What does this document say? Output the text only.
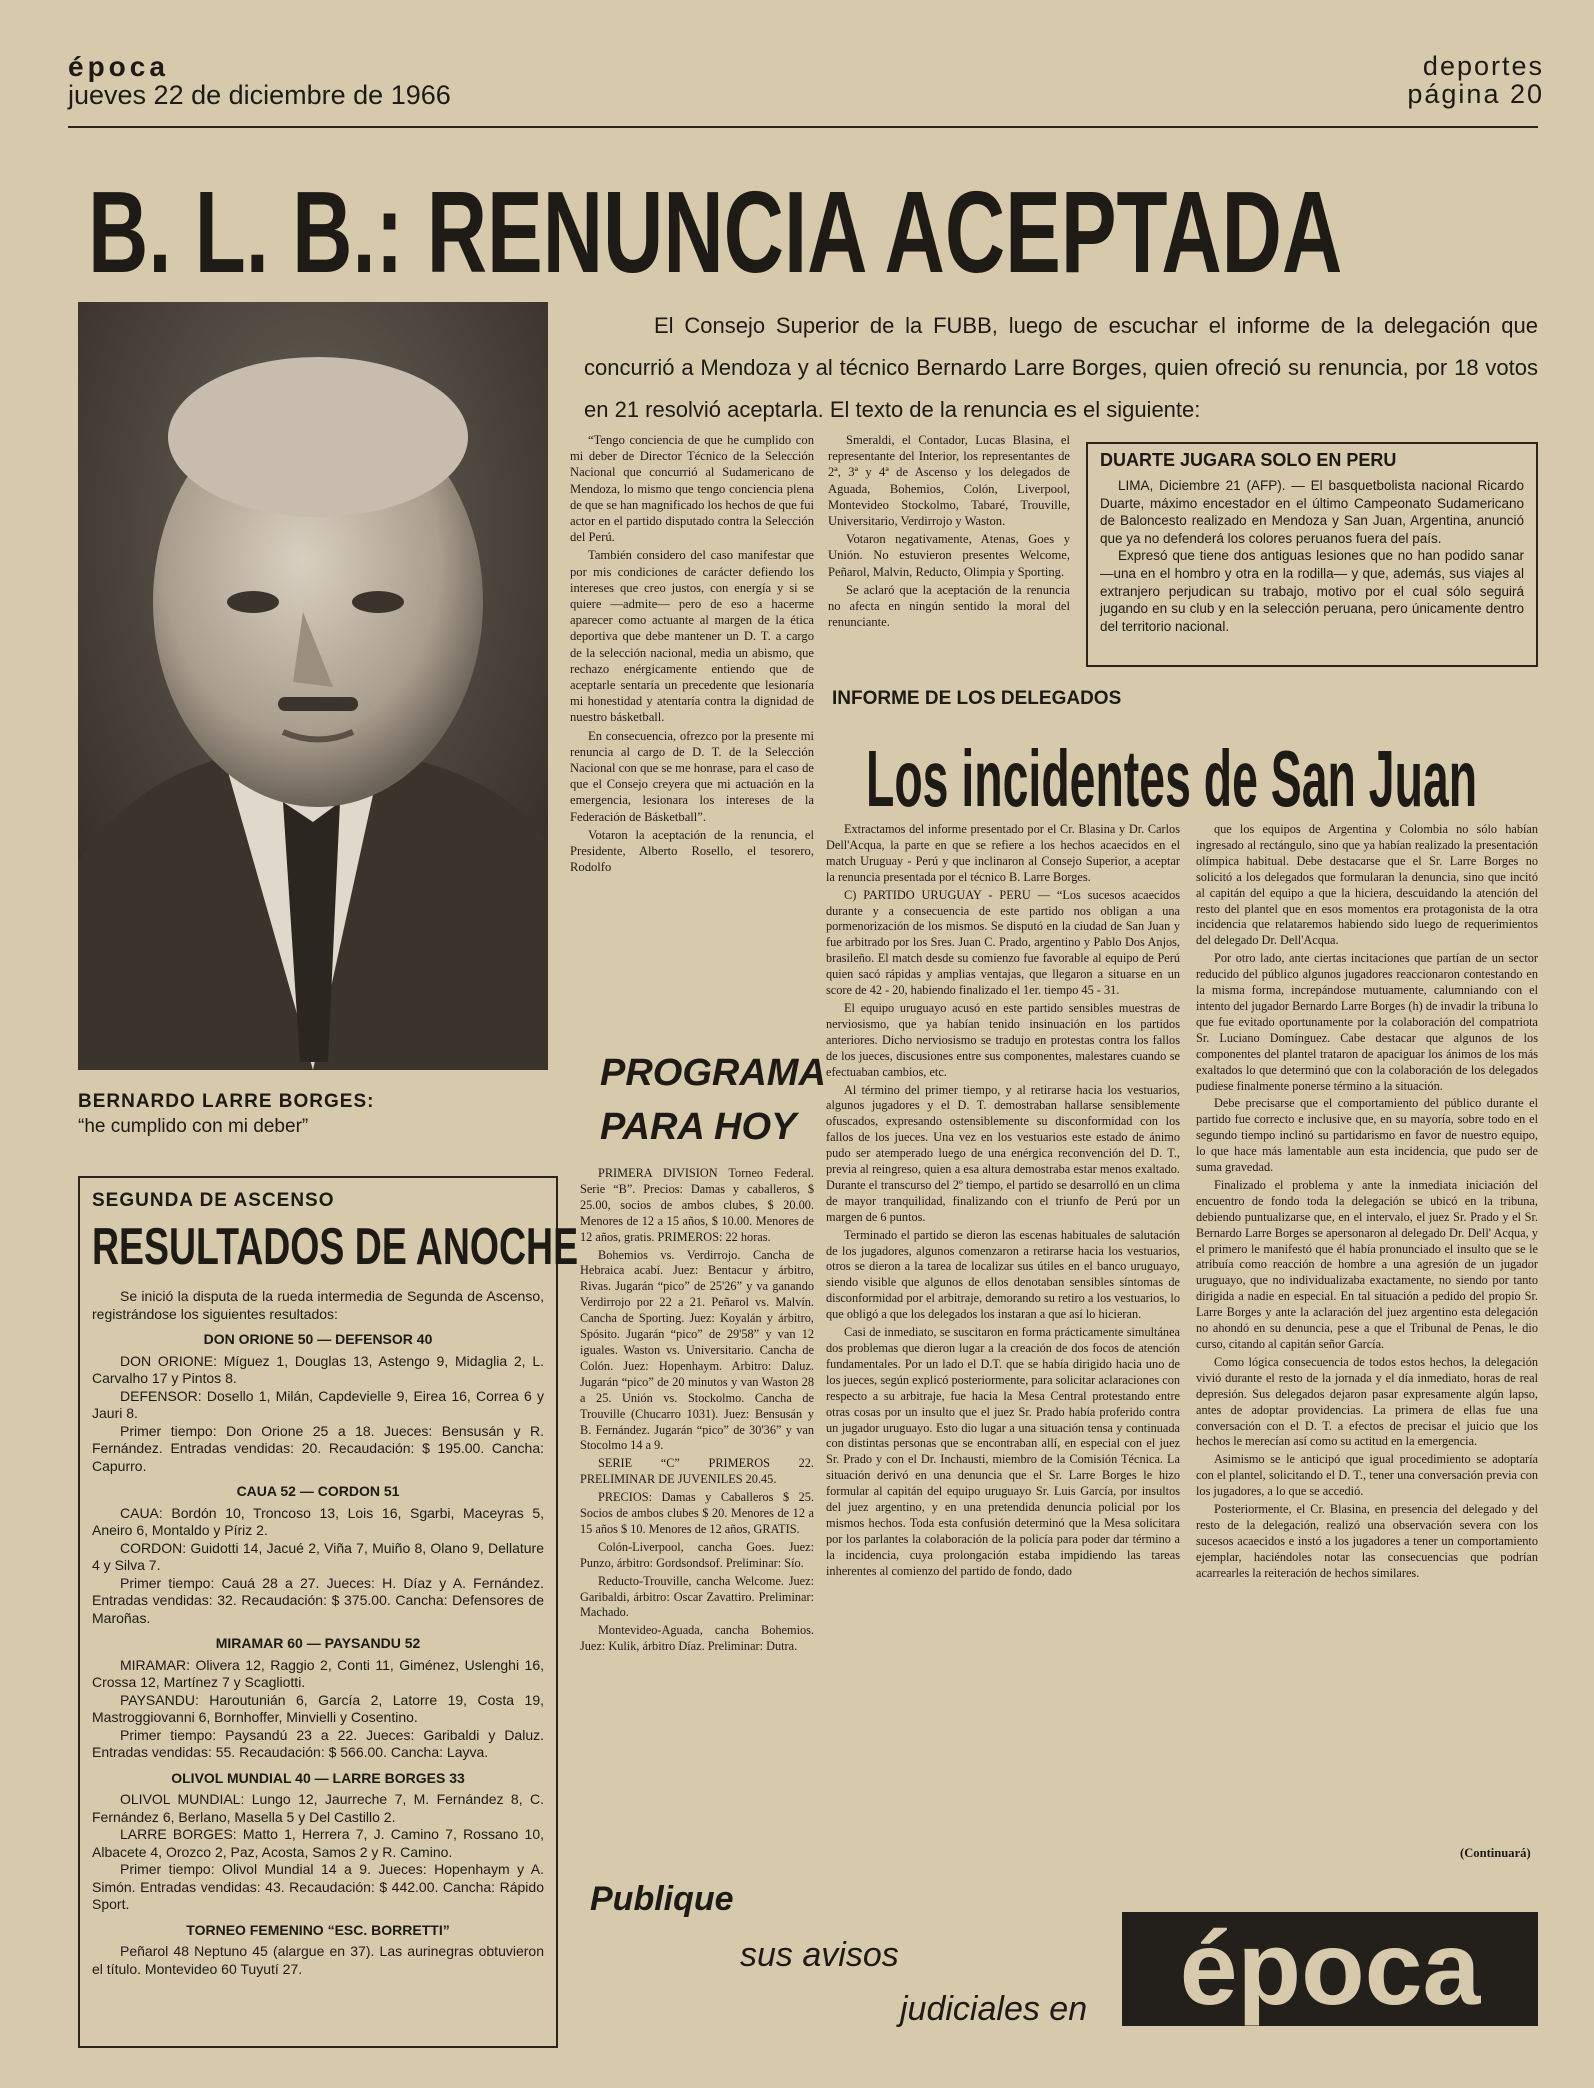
época
jueves 22 de diciembre de 1966
deportes
página 20
B. L. B.: RENUNCIA ACEPTADA
BERNARDO LARRE BORGES:
“he cumplido con mi deber”
El Consejo Superior de la FUBB, luego de escuchar el informe de la delegación que concurrió a Mendoza y al técnico Bernardo Larre Borges, quien ofreció su renuncia, por 18 votos en 21 resolvió aceptarla. El texto de la renuncia es el siguiente:

“Tengo conciencia de que he cumplido con mi deber de Director Técnico de la Selección Nacional que concurrió al Sudamericano de Mendoza, lo mismo que tengo conciencia plena de que se han magnificado los hechos de que fui actor en el partido disputado contra la Selección del Perú.

También considero del caso manifestar que por mis condiciones de carácter defiendo los intereses que creo justos, con energía y si se quiere —admite— pero de eso a hacerme aparecer como actuante al margen de la ética deportiva que debe mantener un D. T. a cargo de la selección nacional, media un abismo, que rechazo enérgicamente entiendo que de aceptarle sentaría un precedente que lesionaría mi honestidad y atentaría contra la dignidad de nuestro básketball.

En consecuencia, ofrezco por la presente mi renuncia al cargo de D. T. de la Selección Nacional con que se me honrase, para el caso de que el Consejo creyera que mi actuación en la emergencia, lesionara los intereses de la Federación de Básketball”.

Votaron la aceptación de la renuncia, el Presidente, Alberto Rosello, el tesorero, Rodolfo

Smeraldi, el Contador, Lucas Blasina, el representante del Interior, los representantes de 2ª, 3ª y 4ª de Ascenso y los delegados de Aguada, Bohemios, Colón, Liverpool, Montevideo Stockolmo, Tabaré, Trouville, Universitario, Verdirrojo y Waston.

Votaron negativamente, Atenas, Goes y Unión. No estuvieron presentes Welcome, Peñarol, Malvin, Reducto, Olimpia y Sporting.

Se aclaró que la aceptación de la renuncia no afecta en ningún sentido la moral del renunciante.

DUARTE JUGARA SOLO EN PERU

LIMA, Diciembre 21 (AFP). — El basquetbolista nacional Ricardo Duarte, máximo encestador en el último Campeonato Sudamericano de Baloncesto realizado en Mendoza y San Juan, Argentina, anunció que ya no defenderá los colores peruanos fuera del país.

Expresó que tiene dos antiguas lesiones que no han podido sanar —una en el hombro y otra en la rodilla— y que, además, sus viajes al extranjero perjudican su trabajo, motivo por el cual sólo seguirá jugando en su club y en la selección peruana, pero únicamente dentro del territorio nacional.

INFORME DE LOS DELEGADOS
Los incidentes de San Juan

Extractamos del informe presentado por el Cr. Blasina y Dr. Carlos Dell'Acqua, la parte en que se refiere a los hechos acaecidos en el match Uruguay - Perú y que inclinaron al Consejo Superior, a aceptar la renuncia presentada por el técnico B. Larre Borges.

C) PARTIDO URUGUAY - PERU — “Los sucesos acaecidos durante y a consecuencia de este partido nos obligan a una pormenorización de los mismos. Se disputó en la ciudad de San Juan y fue arbitrado por los Sres. Juan C. Prado, argentino y Pablo Dos Anjos, brasileño. El match desde su comienzo fue favorable al equipo de Perú quien sacó rápidas y amplias ventajas, que llegaron a situarse en un score de 42 - 20, habiendo finalizado el 1er. tiempo 45 - 31.

El equipo uruguayo acusó en este partido sensibles muestras de nerviosismo, que ya habían tenido insinuación en los partidos anteriores. Dicho nerviosismo se tradujo en protestas contra los fallos de los jueces, discusiones entre sus componentes, malestares cuando se efectuaban cambios, etc.

Al término del primer tiempo, y al retirarse hacia los vestuarios, algunos jugadores y el D. T. demostraban hallarse sensiblemente ofuscados, expresando ostensiblemente su disconformidad con los fallos de los jueces. Una vez en los vestuarios este estado de ánimo pudo ser atemperado luego de una enérgica reconvención del D. T., previa al reingreso, quien a esa altura demostraba estar menos exaltado. Durante el transcurso del 2º tiempo, el partido se desarrolló en un clima de mayor tranquilidad, finalizando con el triunfo de Perú por un margen de 6 puntos.

Terminado el partido se dieron las escenas habituales de salutación de los jugadores, algunos comenzaron a retirarse hacia los vestuarios, otros se dieron a la tarea de localizar sus útiles en el banco uruguayo, siendo visible que algunos de ellos denotaban sensibles síntomas de disconformidad por el arbitraje, demorando su retiro a los vestuarios, lo que obligó a que los delegados los instaran a que así lo hicieran.

Casi de inmediato, se suscitaron en forma prácticamente simultánea dos problemas que dieron lugar a la creación de dos focos de atención fundamentales. Por un lado el D.T. que se había dirigido hacia uno de los jueces, según explicó posteriormente, para solicitar aclaraciones con respecto a su arbitraje, fue hacia la Mesa Central protestando entre otras cosas por un insulto que el juez Sr. Prado había proferido contra un jugador uruguayo. Esto dio lugar a una situación tensa y continuada con distintas personas que se encontraban allí, en especial con el juez Sr. Prado y con el Dr. Inchausti, miembro de la Comisión Técnica. La situación derivó en una denuncia que el Sr. Larre Borges le hizo formular al capitán del equipo uruguayo Sr. Luis García, por insultos del juez argentino, y en una pretendida denuncia policial por los mismos hechos. Toda esta confusión determinó que la Mesa solicitara por los parlantes la colaboración de la policía para poder dar término a la incidencia, cuya prolongación estaba impidiendo las tareas inherentes al comienzo del partido de fondo, dado

que los equipos de Argentina y Colombia no sólo habían ingresado al rectángulo, sino que ya habían realizado la presentación olímpica habitual. Debe destacarse que el Sr. Larre Borges no solicitó a los delegados que formularan la denuncia, sino que incitó al capitán del equipo a que la hiciera, descuidando la atención del resto del plantel que en esos momentos era protagonista de la otra incidencia que relataremos habiendo sido luego de requerimientos del delegado Dr. Dell'Acqua.

Por otro lado, ante ciertas incitaciones que partían de un sector reducido del público algunos jugadores reaccionaron contestando en la misma forma, increpándose mutuamente, calumniando con el intento del jugador Bernardo Larre Borges (h) de invadir la tribuna lo que fue evitado oportunamente por la colaboración del compatriota Sr. Luciano Domínguez. Cabe destacar que algunos de los componentes del plantel trataron de apaciguar los ánimos de los más exaltados lo que determinó que con la colaboración de los delegados pudiese finalmente ponerse término a la situación.

Debe precisarse que el comportamiento del público durante el partido fue correcto e inclusive que, en su mayoría, sobre todo en el segundo tiempo inclinó su partidarismo en favor de nuestro equipo, lo que hace más lamentable aun esta incidencia, que pudo ser de suma gravedad.

Finalizado el problema y ante la inmediata iniciación del encuentro de fondo toda la delegación se ubicó en la tribuna, debiendo puntualizarse que, en el intervalo, el juez Sr. Prado y el Sr. Bernardo Larre Borges se apersonaron al delegado Dr. Dell' Acqua, y el primero le manifestó que él había pronunciado el insulto que se le atribuía como reacción de hombre a una agresión de un jugador uruguayo, que no individualizaba exactamente, no siendo por tanto dirigida a nadie en especial. En tal situación a pedido del propio Sr. Larre Borges y ante la aclaración del juez argentino esta delegación no ahondó en su denuncia, pese a que el Tribunal de Penas, le dio curso, citando al capitán señor García.

Como lógica consecuencia de todos estos hechos, la delegación vivió durante el resto de la jornada y el día inmediato, horas de real depresión. Sus delegados dejaron pasar expresamente algún lapso, antes de adoptar providencias. La primera de ellas fue una conversación con el D. T. a efectos de precisar el juicio que los hechos le merecían así como su actitud en la emergencia.

Asimismo se le anticipó que igual procedimiento se adoptaría con el plantel, solicitando el D. T., tener una conversación previa con los jugadores, a lo que se accedió.

Posteriormente, el Cr. Blasina, en presencia del delegado y del resto de la delegación, realizó una observación severa con los sucesos acaecidos e instó a los jugadores a tener un comportamiento ejemplar, haciéndoles notar las consecuencias que podrían acarrearles la reiteración de hechos similares.

(Continuará)
PROGRAMA
PARA HOY

PRIMERA DIVISION Torneo Federal. Serie “B”. Precios: Damas y caballeros, $ 25.00, socios de ambos clubes, $ 20.00. Menores de 12 a 15 años, $ 10.00. Menores de 12 años, gratis. PRIMEROS: 22 horas.

Bohemios vs. Verdirrojo. Cancha de Hebraica acabí. Juez: Bentacur y árbitro, Rivas. Jugarán “pico” de 25'26” y va ganando Verdirrojo por 22 a 21. Peñarol vs. Malvín. Cancha de Sporting. Juez: Koyalán y árbitro, Spósito. Jugarán “pico” de 29'58” y van 12 iguales. Waston vs. Universitario. Cancha de Colón. Juez: Hopenhaym. Arbitro: Daluz. Jugarán “pico” de 20 minutos y van Waston 28 a 25. Unión vs. Stockolmo. Cancha de Trouville (Chucarro 1031). Juez: Bensusán y B. Fernández. Jugarán “pico” de 30'36” y van Stocolmo 14 a 9.

SERIE “C” PRIMEROS 22. PRELIMINAR DE JUVENILES 20.45.

PRECIOS: Damas y Caballeros $ 25. Socios de ambos clubes $ 20. Menores de 12 a 15 años $ 10. Menores de 12 años, GRATIS.

Colón-Liverpool, cancha Goes. Juez: Punzo, árbitro: Gordsondsof. Preliminar: Sío.

Reducto-Trouville, cancha Welcome. Juez: Garibaldi, árbitro: Oscar Zavattiro. Preliminar: Machado.

Montevideo-Aguada, cancha Bohemios. Juez: Kulik, árbitro Díaz. Preliminar: Dutra.

SEGUNDA DE ASCENSO
RESULTADOS DE ANOCHE

Se inició la disputa de la rueda intermedia de Segunda de Ascenso, registrándose los siguientes resultados:

DON ORIONE 50 — DEFENSOR 40

DON ORIONE: Míguez 1, Douglas 13, Astengo 9, Midaglia 2, L. Carvalho 17 y Pintos 8.

DEFENSOR: Dosello 1, Milán, Capdevielle 9, Eirea 16, Correa 6 y Jauri 8.

Primer tiempo: Don Orione 25 a 18. Jueces: Bensusán y R. Fernández. Entradas vendidas: 20. Recaudación: $ 195.00. Cancha: Capurro.

CAUA 52 — CORDON 51

CAUA: Bordón 10, Troncoso 13, Lois 16, Sgarbi, Maceyras 5, Aneiro 6, Montaldo y Píriz 2.

CORDON: Guidotti 14, Jacué 2, Viña 7, Muiño 8, Olano 9, Dellature 4 y Silva 7.

Primer tiempo: Cauá 28 a 27. Jueces: H. Díaz y A. Fernández. Entradas vendidas: 32. Recaudación: $ 375.00. Cancha: Defensores de Maroñas.

MIRAMAR 60 — PAYSANDU 52

MIRAMAR: Olivera 12, Raggio 2, Conti 11, Giménez, Uslenghi 16, Crossa 12, Martínez 7 y Scagliotti.

PAYSANDU: Haroutunián 6, García 2, Latorre 19, Costa 19, Mastroggiovanni 6, Bornhoffer, Minvielli y Cosentino.

Primer tiempo: Paysandú 23 a 22. Jueces: Garibaldi y Daluz. Entradas vendidas: 55. Recaudación: $ 566.00. Cancha: Layva.

OLIVOL MUNDIAL 40 — LARRE BORGES 33

OLIVOL MUNDIAL: Lungo 12, Jaurreche 7, M. Fernández 8, C. Fernández 6, Berlano, Masella 5 y Del Castillo 2.

LARRE BORGES: Matto 1, Herrera 7, J. Camino 7, Rossano 10, Albacete 4, Orozco 2, Paz, Acosta, Samos 2 y R. Camino.

Primer tiempo: Olivol Mundial 14 a 9. Jueces: Hopenhaym y A. Simón. Entradas vendidas: 43. Recaudación: $ 442.00. Cancha: Rápido Sport.

TORNEO FEMENINO “ESC. BORRETTI”

Peñarol 48 Neptuno 45 (alargue en 37). Las aurinegras obtuvieron el título. Montevideo 60 Tuyutí 27.

Publique
sus avisos
judiciales en época
